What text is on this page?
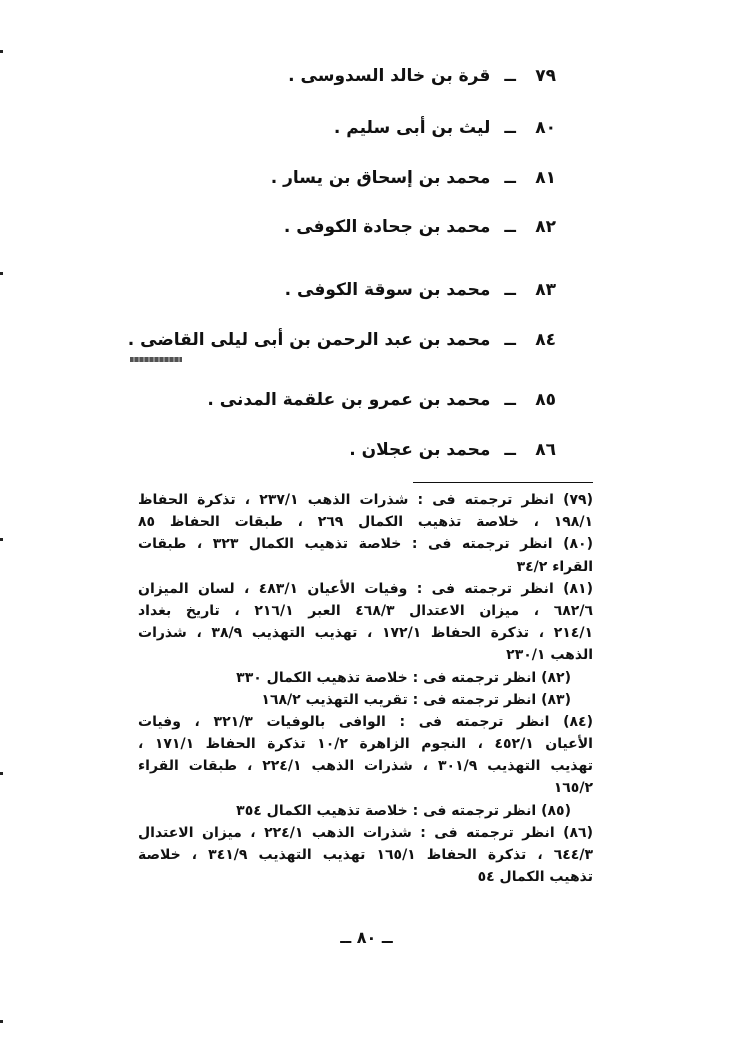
٧٩ــقرة بن خالد السدوسى .
٨٠ــليث بن أبى سليم .
٨١ــمحمد بن إسحاق بن يسار .
٨٢ــمحمد بن جحادة الكوفى .
٨٣ــمحمد بن سوقة الكوفى .
٨٤ــمحمد بن عبد الرحمن بن أبى ليلى القاضى .
٨٥ــمحمد بن عمرو بن علقمة المدنى .
٨٦ــمحمد بن عجلان .
(٧٩) انظر ترجمته فى : شذرات الذهب ٢٣٧/١ ، تذكرة الحفاظ
١٩٨/١ ، خلاصة تذهيب الكمال ٢٦٩ ، طبقات الحفاظ ٨٥
(٨٠) انظر ترجمته فى : خلاصة تذهيب الكمال ٣٢٣ ، طبقات
القراء ٣٤/٢
(٨١) انظر ترجمته فى : وفيات الأعيان ٤٨٣/١ ، لسان الميزان
٦٨٢/٦ ، ميزان الاعتدال ٤٦٨/٣ العبر ٢١٦/١ ، تاريخ بغداد
٢١٤/١ ، تذكرة الحفاظ ١٧٢/١ ، تهذيب التهذيب ٣٨/٩ ، شذرات
الذهب ٢٣٠/١
(٨٢) انظر ترجمته فى : خلاصة تذهيب الكمال ٣٣٠
(٨٣) انظر ترجمته فى : تقريب التهذيب ١٦٨/٢
(٨٤) انظر ترجمته فى : الوافى بالوفيات ٣٢١/٣ ، وفيات
الأعيان ٤٥٢/١ ، النجوم الزاهرة ١٠/٢ تذكرة الحفاظ ١٧١/١ ،
تهذيب التهذيب ٣٠١/٩ ، شذرات الذهب ٢٢٤/١ ، طبقات القراء
١٦٥/٢
(٨٥) انظر ترجمته فى : خلاصة تذهيب الكمال ٣٥٤
(٨٦) انظر ترجمته فى : شذرات الذهب ٢٢٤/١ ، ميزان الاعتدال
٦٤٤/٣ ، تذكرة الحفاظ ١٦٥/١ تهذيب التهذيب ٣٤١/٩ ، خلاصة
تذهيب الكمال ٥٤
ــ ٨٠ ــ
